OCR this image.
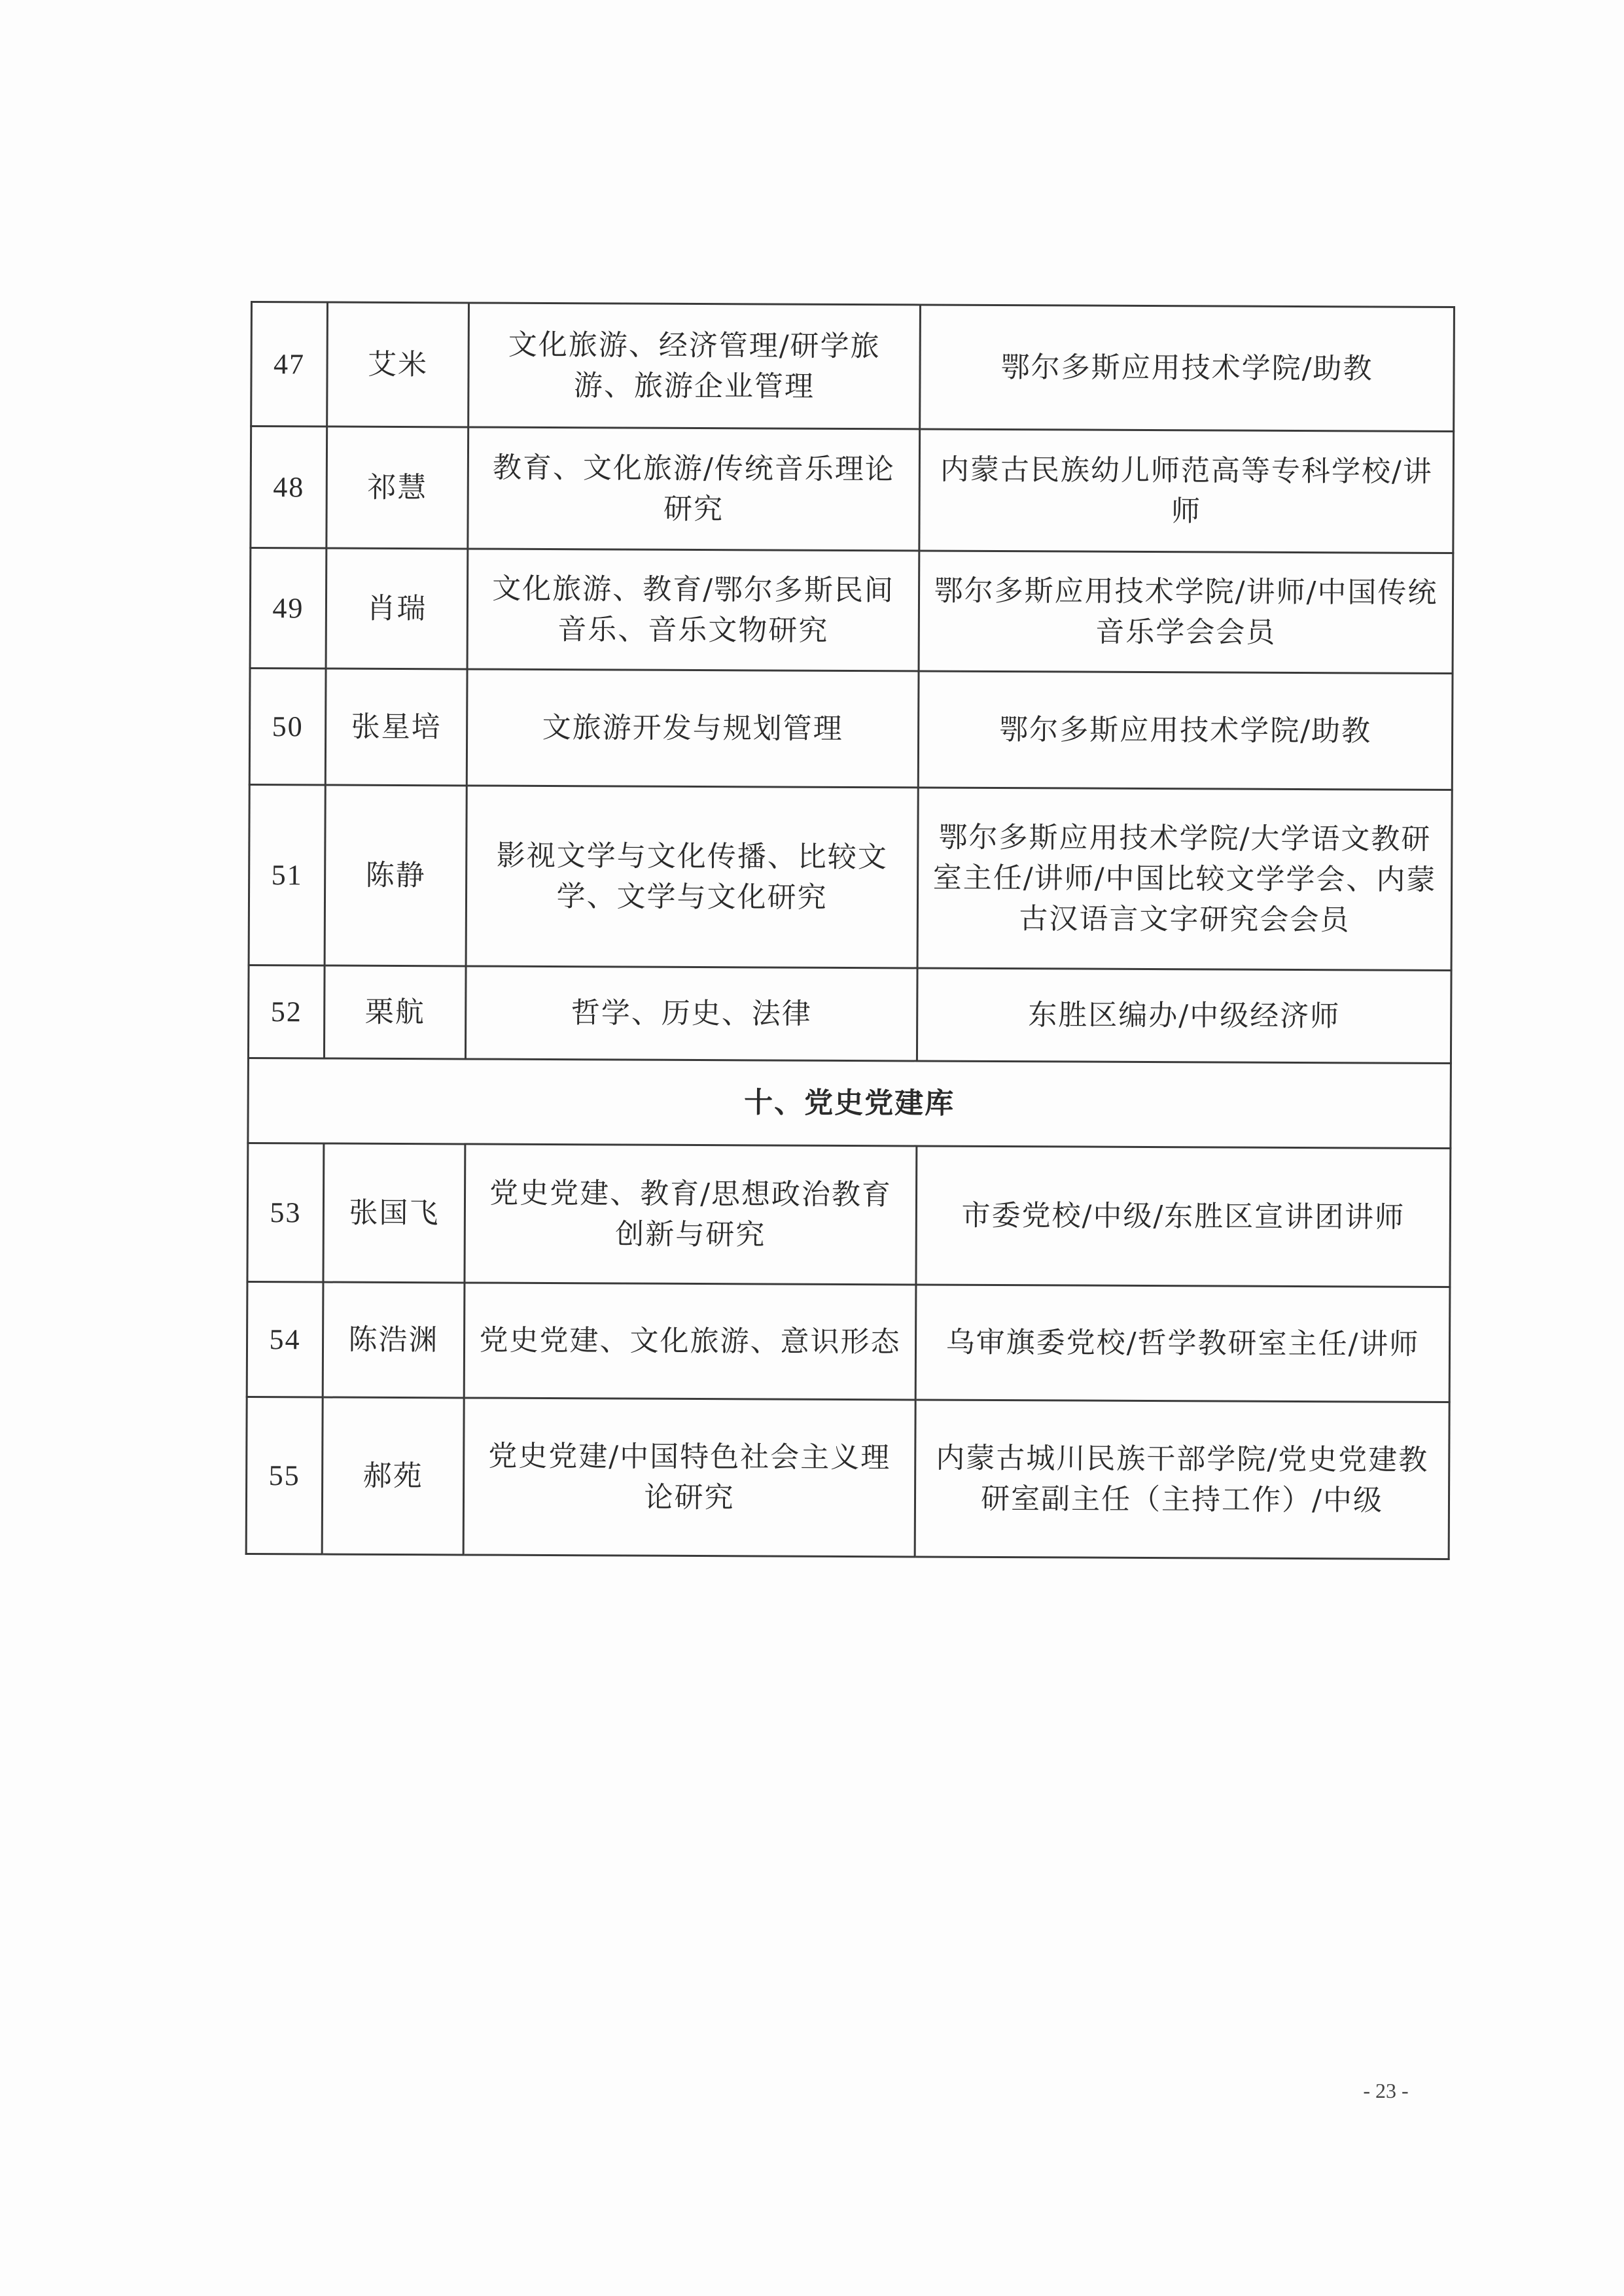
47	艾米	文化旅游、经济管理/研学旅游、旅游企业管理	鄂尔多斯应用技术学院/助教
48	祁慧	教育、文化旅游/传统音乐理论研究	内蒙古民族幼儿师范高等专科学校/讲师
49	肖瑞	文化旅游、教育/鄂尔多斯民间音乐、音乐文物研究	鄂尔多斯应用技术学院/讲师/中国传统音乐学会会员
50	张星培	文旅游开发与规划管理	鄂尔多斯应用技术学院/助教
51	陈静	影视文学与文化传播、比较文学、文学与文化研究	鄂尔多斯应用技术学院/大学语文教研室主任/讲师/中国比较文学学会、内蒙古汉语言文字研究会会员
52	栗航	哲学、历史、法律	东胜区编办/中级经济师
十、党史党建库			
53	张国飞	党史党建、教育/思想政治教育创新与研究	市委党校/中级/东胜区宣讲团讲师
54	陈浩渊	党史党建、文化旅游、意识形态	乌审旗委党校/哲学教研室主任/讲师
55	郝苑	党史党建/中国特色社会主义理论研究	内蒙古城川民族干部学院/党史党建教研室副主任（主持工作）/中级
- 23 -
